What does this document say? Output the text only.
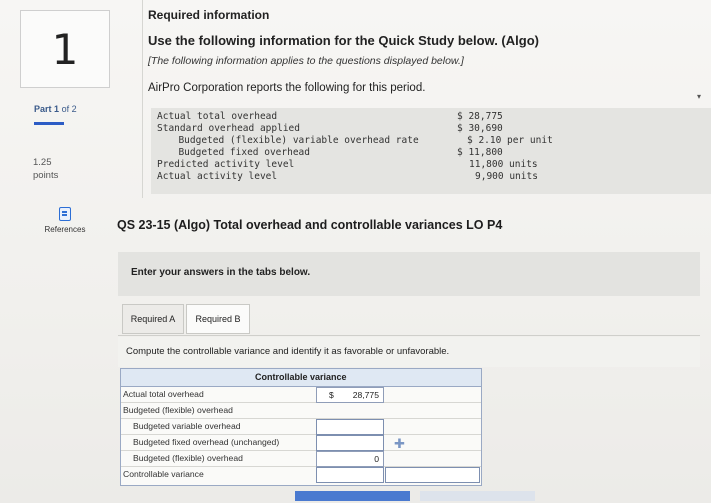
1
Part 1 of 2
1.25
points
References
Required information
Use the following information for the Quick Study below. (Algo)
[The following information applies to the questions displayed below.]
AirPro Corporation reports the following for this period.
▾
Actual total overhead	$ 28,775
Standard overhead applied	$ 30,690
Budgeted (flexible) variable overhead rate	$ 2.10 per unit
Budgeted fixed overhead	$ 11,800
Predicted activity level	11,800 units
Actual activity level	9,900 units
QS 23-15 (Algo) Total overhead and controllable variances LO P4
Enter your answers in the tabs below.
Required A	Required B
Compute the controllable variance and identify it as favorable or unfavorable.
Controllable variance
Actual total overhead	$ 28,775
Budgeted (flexible) overhead
Budgeted variable overhead
Budgeted fixed overhead (unchanged)
Budgeted (flexible) overhead	0
Controllable variance
✚
